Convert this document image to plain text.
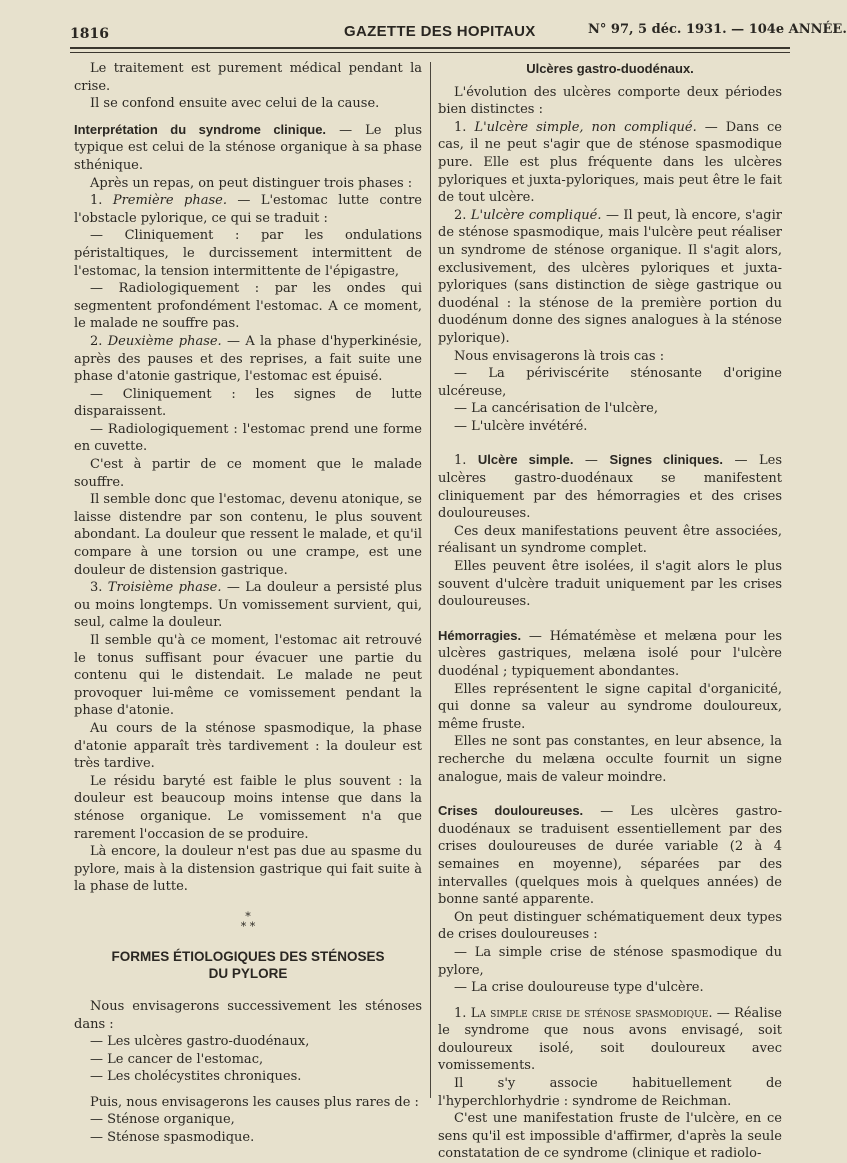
1816	GAZETTE DES HOPITAUX	N° 97, 5 déc. 1931. — 104e ANNÉE.

Le traitement est purement médical pendant la crise.

Il se confond ensuite avec celui de la cause.

Interprétation du syndrome clinique. — Le plus typique est celui de la sténose organique à sa phase sthénique.

Après un repas, on peut distinguer trois phases :

1. Première phase. — L'estomac lutte contre l'obstacle pylorique, ce qui se traduit :

— Cliniquement : par les ondulations péristaltiques, le durcissement intermittent de l'estomac, la tension intermittente de l'épigastre,

— Radiologiquement : par les ondes qui segmentent profondément l'estomac. A ce moment, le malade ne souffre pas.

2. Deuxième phase. — A la phase d'hyperkinésie, après des pauses et des reprises, a fait suite une phase d'atonie gastrique, l'estomac est épuisé.

— Cliniquement : les signes de lutte disparaissent.

— Radiologiquement : l'estomac prend une forme en cuvette.

C'est à partir de ce moment que le malade souffre.

Il semble donc que l'estomac, devenu atonique, se laisse distendre par son contenu, le plus souvent abondant. La douleur que ressent le malade, et qu'il compare à une torsion ou une crampe, est une douleur de distension gastrique.

3. Troisième phase. — La douleur a persisté plus ou moins longtemps. Un vomissement survient, qui, seul, calme la douleur.

Il semble qu'à ce moment, l'estomac ait retrouvé le tonus suffisant pour évacuer une partie du contenu qui le distendait. Le malade ne peut provoquer lui-même ce vomissement pendant la phase d'atonie.

Au cours de la sténose spasmodique, la phase d'atonie apparaît très tardivement : la douleur est très tardive.

Le résidu baryté est faible le plus souvent : la douleur est beaucoup moins intense que dans la sténose organique. Le vomissement n'a que rarement l'occasion de se produire.

Là encore, la douleur n'est pas due au spasme du pylore, mais à la distension gastrique qui fait suite à la phase de lutte.

*
* *
FORMES ÉTIOLOGIQUES DES STÉNOSES
DU PYLORE

Nous envisagerons successivement les sténoses dans :

— Les ulcères gastro-duodénaux,

— Le cancer de l'estomac,

— Les cholécystites chroniques.

Puis, nous envisagerons les causes plus rares de :

— Sténose organique,

— Sténose spasmodique.

Ulcères gastro-duodénaux.

L'évolution des ulcères comporte deux périodes bien distinctes :

1. L'ulcère simple, non compliqué. — Dans ce cas, il ne peut s'agir que de sténose spasmodique pure. Elle est plus fréquente dans les ulcères pyloriques et juxta-pyloriques, mais peut être le fait de tout ulcère.

2. L'ulcère compliqué. — Il peut, là encore, s'agir de sténose spasmodique, mais l'ulcère peut réaliser un syndrome de sténose organique. Il s'agit alors, exclusivement, des ulcères pyloriques et juxta-pyloriques (sans distinction de siège gastrique ou duodénal : la sténose de la première portion du duodénum donne des signes analogues à la sténose pylorique).

Nous envisagerons là trois cas :

— La périviscérite sténosante d'origine ulcéreuse,

— La cancérisation de l'ulcère,

— L'ulcère invétéré.

1. Ulcère simple. — Signes cliniques. — Les ulcères gastro-duodénaux se manifestent cliniquement par des hémorragies et des crises douloureuses.

Ces deux manifestations peuvent être associées, réalisant un syndrome complet.

Elles peuvent être isolées, il s'agit alors le plus souvent d'ulcère traduit uniquement par les crises douloureuses.

Hémorragies. — Hématémèse et melæna pour les ulcères gastriques, melæna isolé pour l'ulcère duodénal ; typiquement abondantes.

Elles représentent le signe capital d'organicité, qui donne sa valeur au syndrome douloureux, même fruste.

Elles ne sont pas constantes, en leur absence, la recherche du melæna occulte fournit un signe analogue, mais de valeur moindre.

Crises douloureuses. — Les ulcères gastro-duodénaux se traduisent essentiellement par des crises douloureuses de durée variable (2 à 4 semaines en moyenne), séparées par des intervalles (quelques mois à quelques années) de bonne santé apparente.

On peut distinguer schématiquement deux types de crises douloureuses :

— La simple crise de sténose spasmodique du pylore,

— La crise douloureuse type d'ulcère.

1. La simple crise de sténose spasmodique. — Réalise le syndrome que nous avons envisagé, soit douloureux isolé, soit douloureux avec vomissements.

Il s'y associe habituellement de l'hyperchlorhydrie : syndrome de Reichman.

C'est une manifestation fruste de l'ulcère, en ce sens qu'il est impossible d'affirmer, d'après la seule constatation de ce syndrome (clinique et radiolo-
